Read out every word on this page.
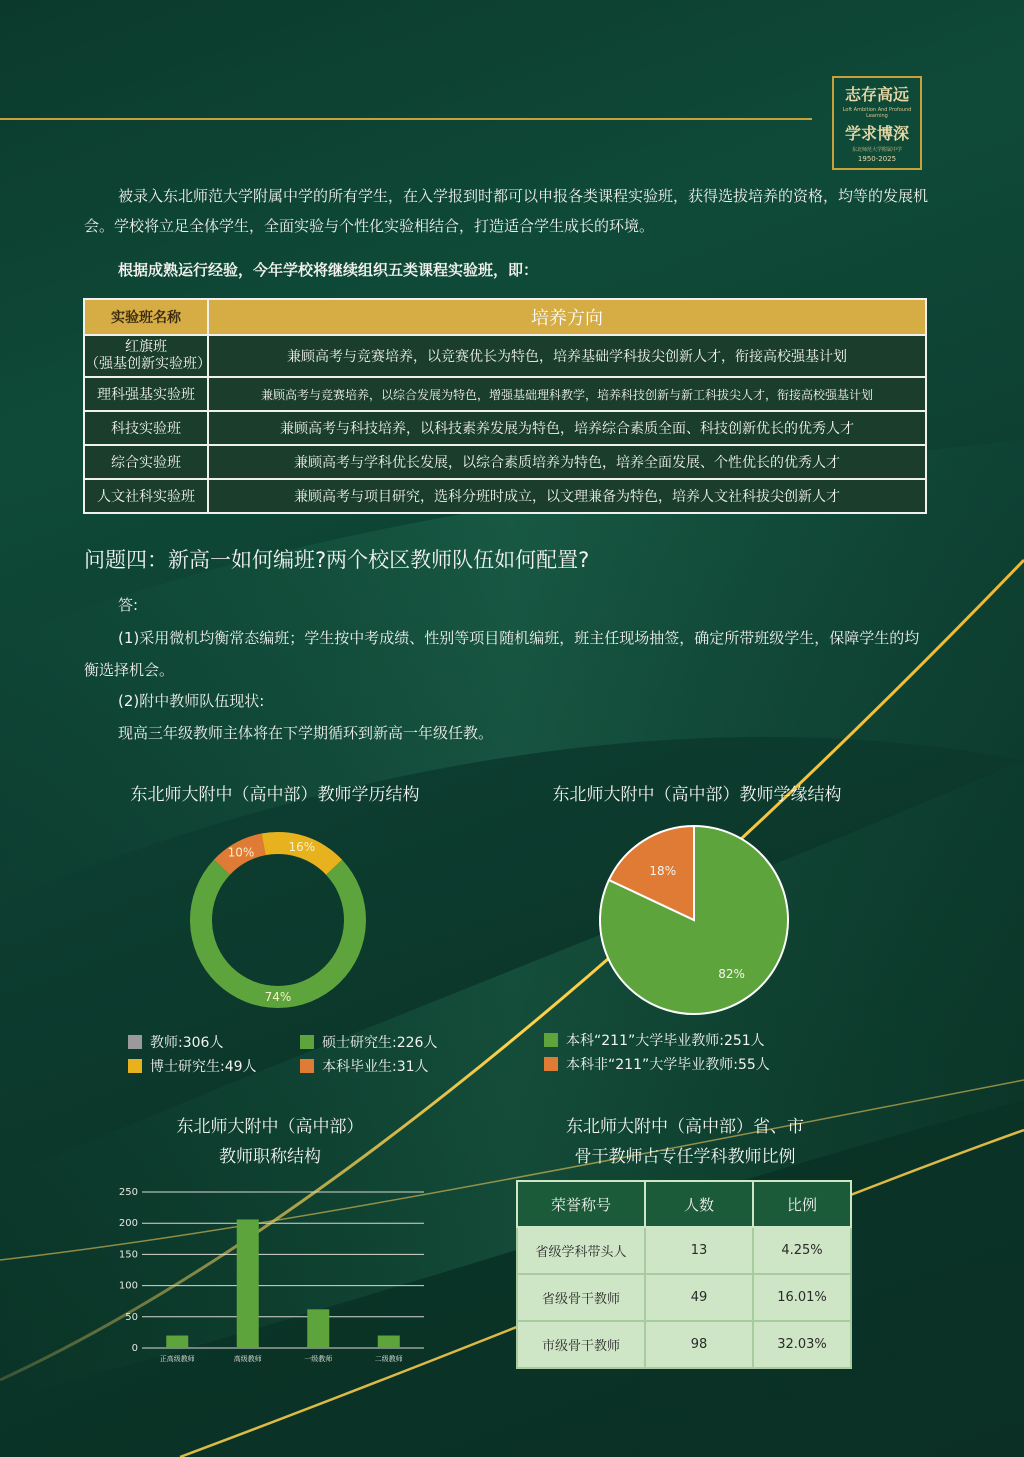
志存高远
Loft Ambition And Profound Learning
学求博深
东北师范大学附属中学
1950-2025

被录入东北师范大学附属中学的所有学生，在入学报到时都可以申报各类课程实验班，获得选拔培养的资格，均等的发展机会。学校将立足全体学生，全面实验与个性化实验相结合，打造适合学生成长的环境。

根据成熟运行经验，今年学校将继续组织五类课程实验班，即：

实验班名称	培养方向

红旗班
（强基创新实验班）	兼顾高考与竞赛培养，以竞赛优长为特色，培养基础学科拔尖创新人才，衔接高校强基计划
理科强基实验班	兼顾高考与竞赛培养，以综合发展为特色，增强基础理科教学，培养科技创新与新工科拔尖人才，衔接高校强基计划
科技实验班	兼顾高考与科技培养，以科技素养发展为特色，培养综合素质全面、科技创新优长的优秀人才
综合实验班	兼顾高考与学科优长发展，以综合素质培养为特色，培养全面发展、个性优长的优秀人才
人文社科实验班	兼顾高考与项目研究，选科分班时成立，以文理兼备为特色，培养人文社科拔尖创新人才

问题四：新高一如何编班?两个校区教师队伍如何配置?

答:

(1)采用微机均衡常态编班；学生按中考成绩、性别等项目随机编班，班主任现场抽签，确定所带班级学生，保障学生的均衡选择机会。

(2)附中教师队伍现状:

现高三年级教师主体将在下学期循环到新高一年级任教。

东北师大附中（高中部）教师学历结构

10%	16%
74%
教师:306人	硕士研究生:226人
博士研究生:49人	本科毕业生:31人

东北师大附中（高中部）教师学缘结构

82%
18%
本科“211”大学毕业教师:251人
本科非“211”大学毕业教师:55人

东北师大附中（高中部）

教师职称结构

0
50
100
150
200
250
正高级教师	高级教师	一级教师	二级教师

东北师大附中（高中部）省、市

骨干教师占专任学科教师比例

荣誉称号	人数	比例
省级学科带头人	13	4.25%
省级骨干教师	49	16.01%
市级骨干教师	98	32.03%
